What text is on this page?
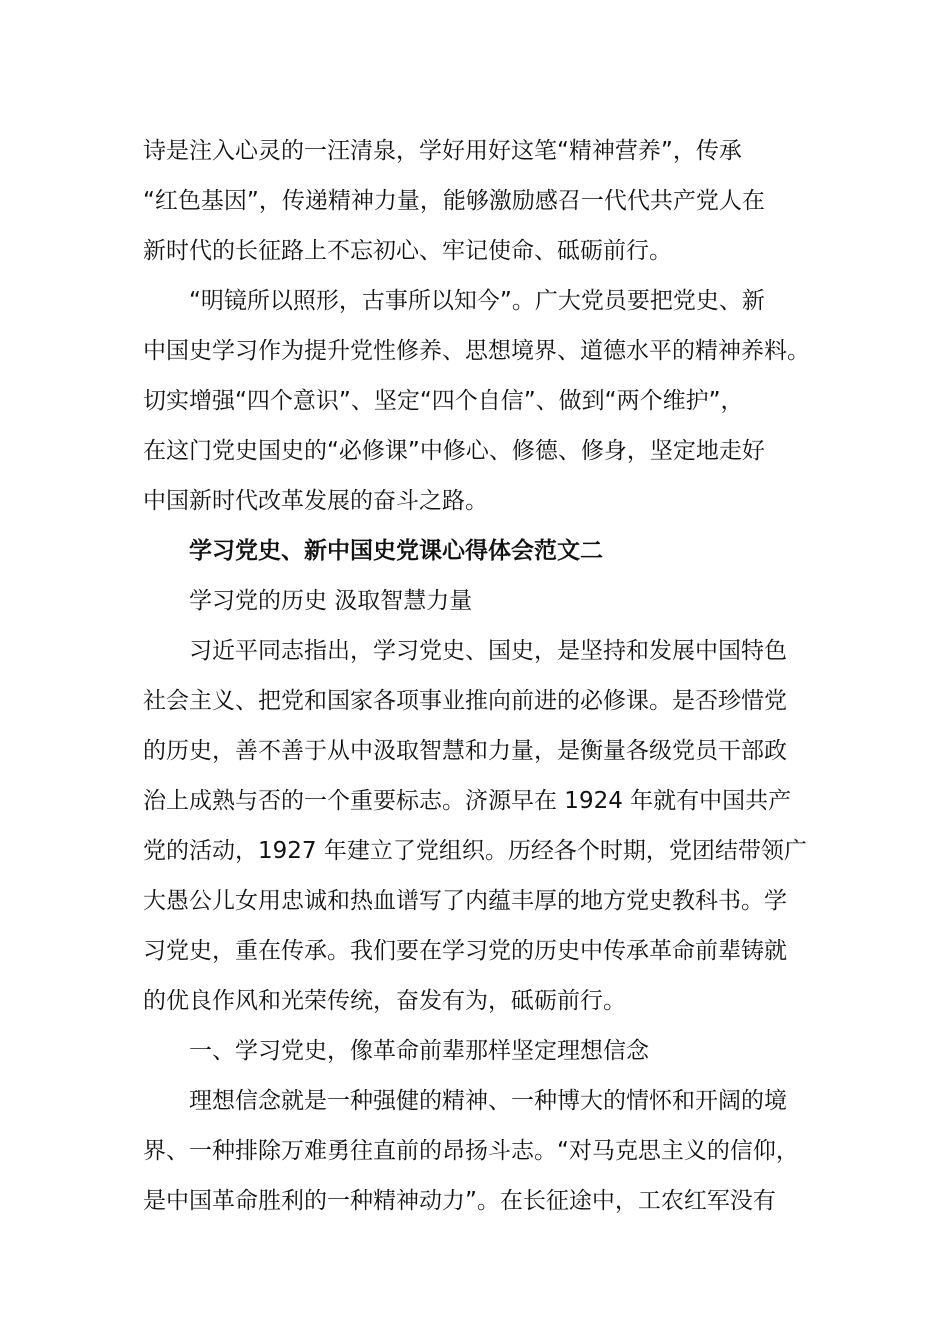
诗是注入心灵的一汪清泉，学好用好这笔“精神营养”，传承
“红色基因”，传递精神力量，能够激励感召一代代共产党人在
新时代的长征路上不忘初心、牢记使命、砥砺前行。
“明镜所以照形，古事所以知今”。广大党员要把党史、新
中国史学习作为提升党性修养、思想境界、道德水平的精神养料。
切实增强“四个意识”、坚定“四个自信”、做到“两个维护”，
在这门党史国史的“必修课”中修心、修德、修身，坚定地走好
中国新时代改革发展的奋斗之路。
学习党史、新中国史党课心得体会范文二
学习党的历史 汲取智慧力量
习近平同志指出，学习党史、国史，是坚持和发展中国特色
社会主义、把党和国家各项事业推向前进的必修课。是否珍惜党
的历史，善不善于从中汲取智慧和力量，是衡量各级党员干部政
治上成熟与否的一个重要标志。济源早在 1924 年就有中国共产
党的活动，1927 年建立了党组织。历经各个时期，党团结带领广
大愚公儿女用忠诚和热血谱写了内蕴丰厚的地方党史教科书。学
习党史，重在传承。我们要在学习党的历史中传承革命前辈铸就
的优良作风和光荣传统，奋发有为，砥砺前行。
一、学习党史，像革命前辈那样坚定理想信念
理想信念就是一种强健的精神、一种博大的情怀和开阔的境
界、一种排除万难勇往直前的昂扬斗志。“对马克思主义的信仰，
是中国革命胜利的一种精神动力”。在长征途中，工农红军没有
